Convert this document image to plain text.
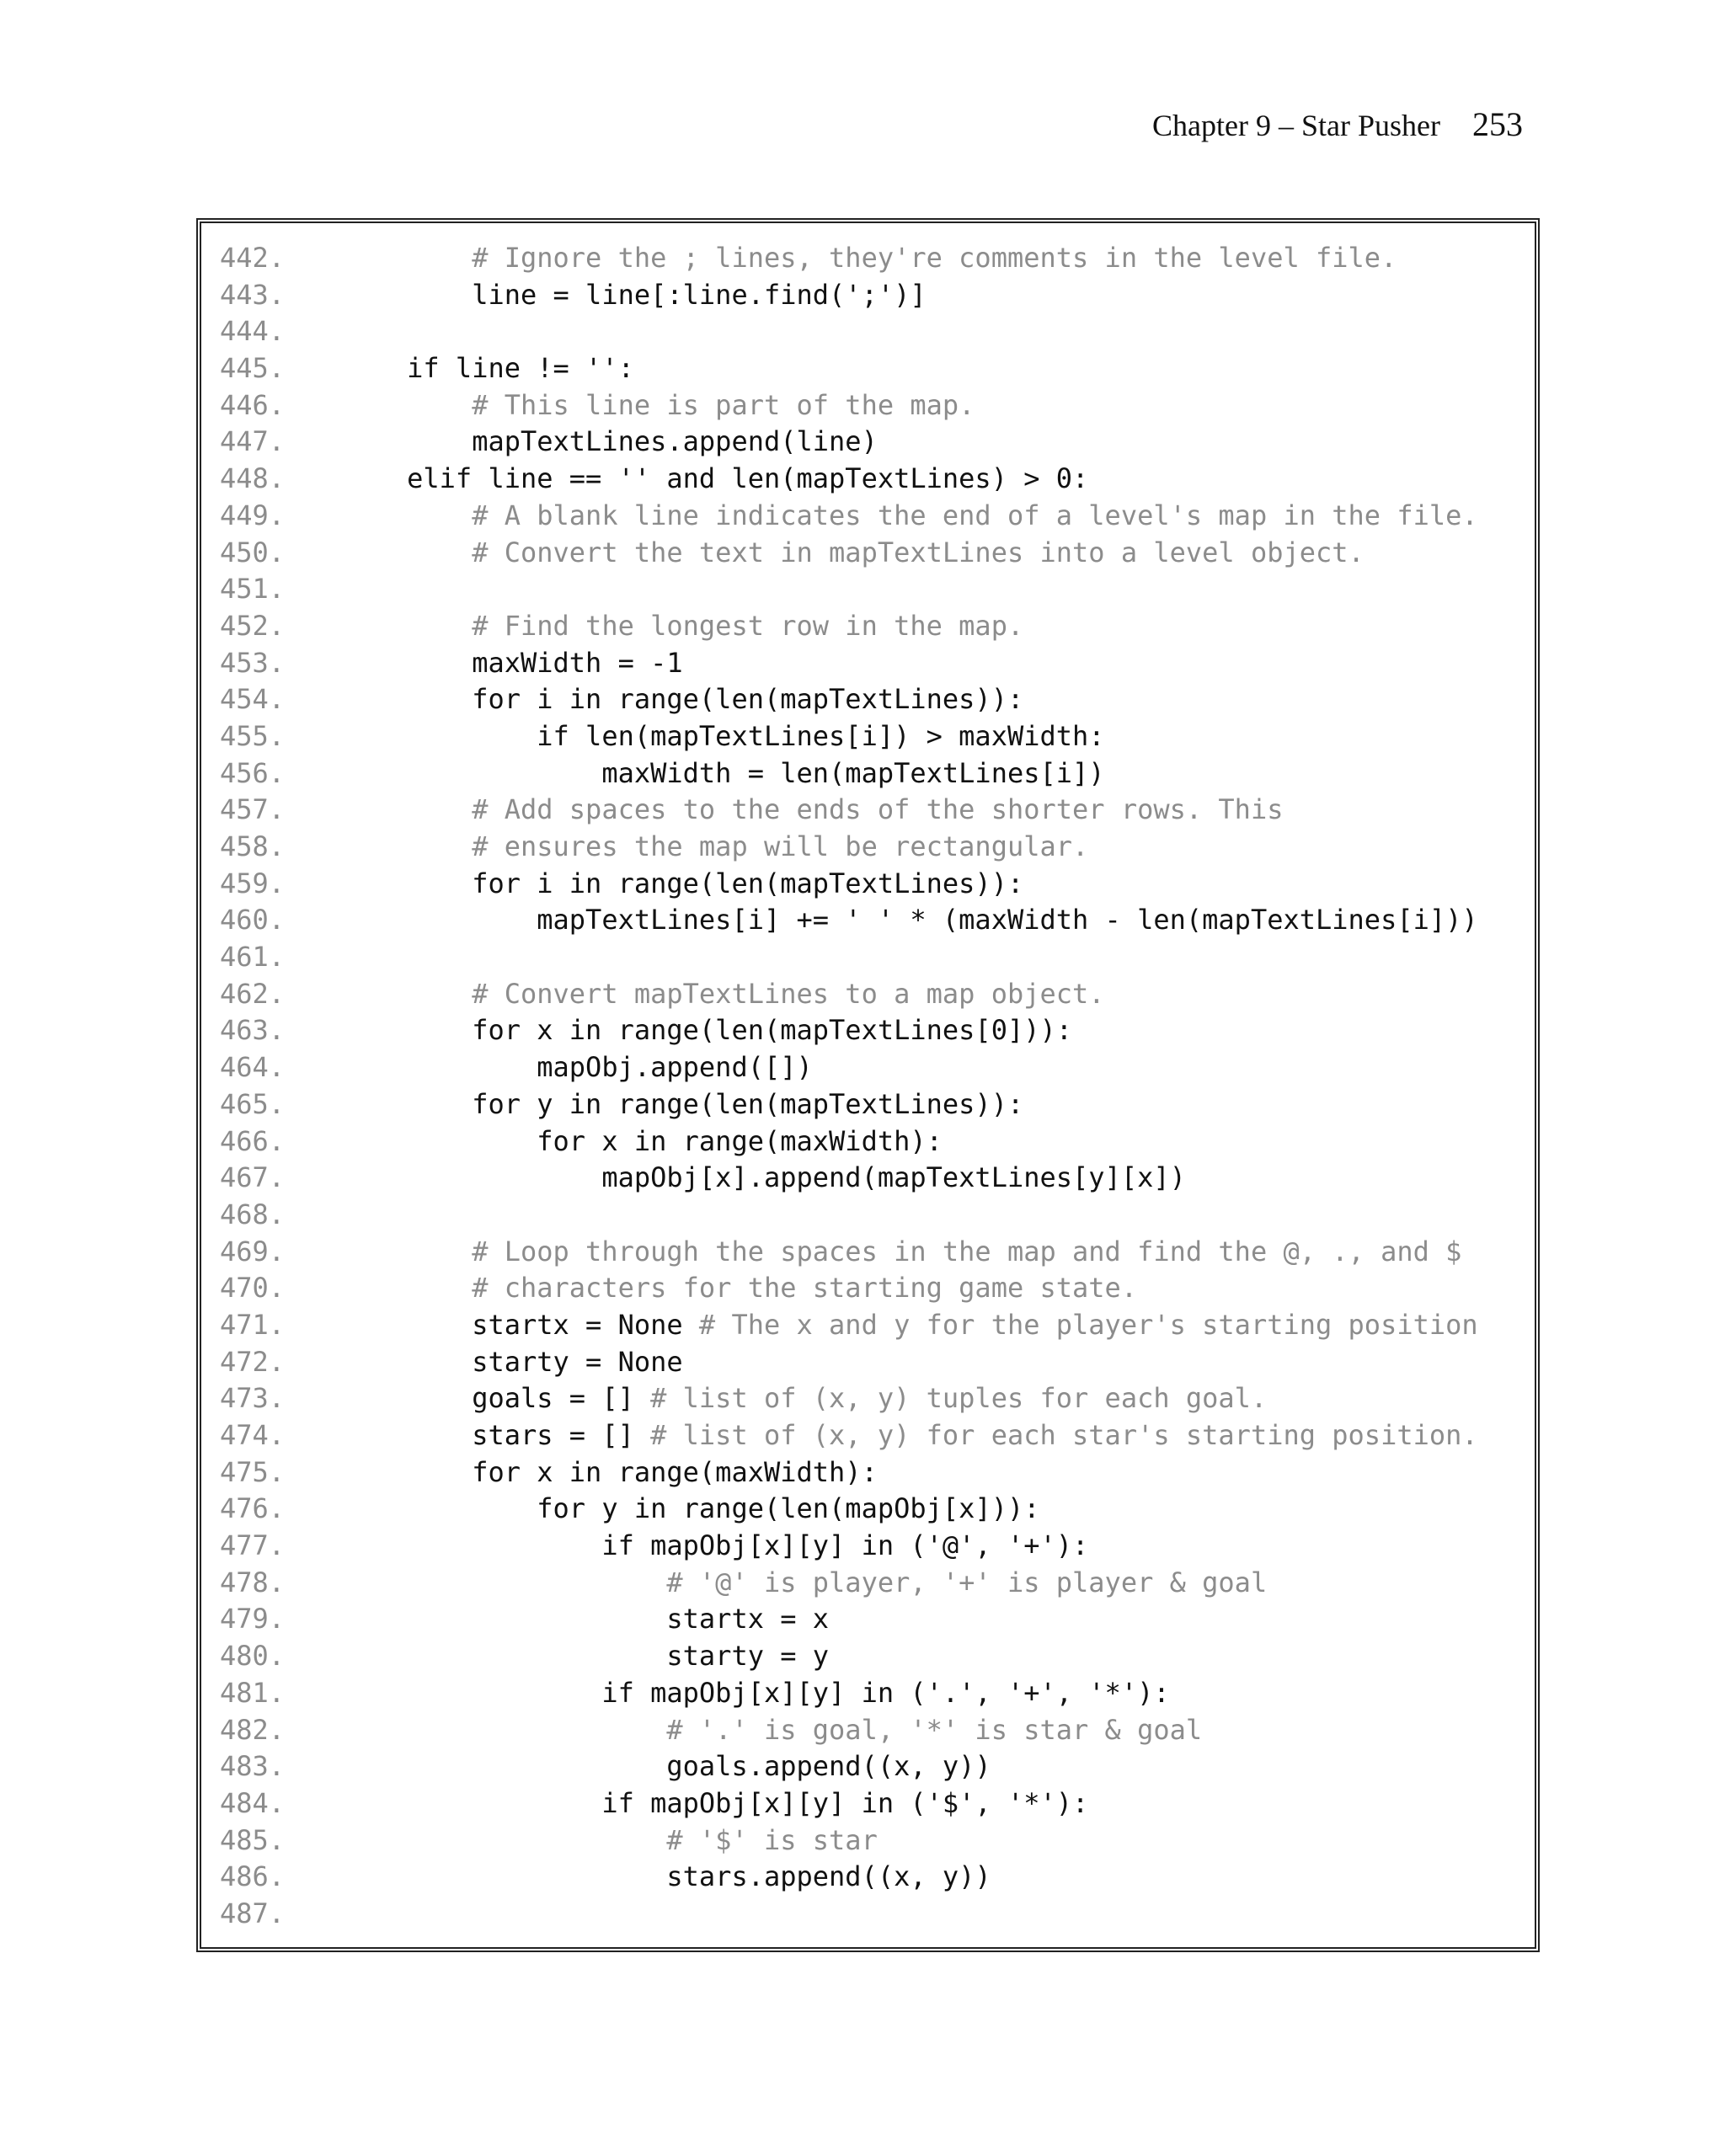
Chapter 9 – Star Pusher 253
442.	# Ignore the ; lines, they're comments in the level file.
443.
line = line[:line.find(';')]
444.
445.
if line != '':
446.	# This line is part of the map.
447.
mapTextLines.append(line)
448.
elif line == '' and len(mapTextLines) > 0:
449.	# A blank line indicates the end of a level's map in the file.
450.	# Convert the text in mapTextLines into a level object.
451.
452.	# Find the longest row in the map.
453.
maxWidth = -1
454.
for i in range(len(mapTextLines)):
455.
if len(mapTextLines[i]) > maxWidth:
456.
maxWidth = len(mapTextLines[i])
457.	# Add spaces to the ends of the shorter rows. This
458.	# ensures the map will be rectangular.
459.
for i in range(len(mapTextLines)):
460.
mapTextLines[i] += ' ' * (maxWidth - len(mapTextLines[i]))
461.
462.	# Convert mapTextLines to a map object.
463.
for x in range(len(mapTextLines[0])):
464.
mapObj.append([])
465.
for y in range(len(mapTextLines)):
466.
for x in range(maxWidth):
467.
mapObj[x].append(mapTextLines[y][x])
468.
469.	# Loop through the spaces in the map and find the @, ., and $
470.	# characters for the starting game state.
471.
startx = None # The x and y for the player's starting position
472.
starty = None
473.
goals = [] # list of (x, y) tuples for each goal.
474.
stars = [] # list of (x, y) for each star's starting position.
475.
for x in range(maxWidth):
476.
for y in range(len(mapObj[x])):
477.
if mapObj[x][y] in ('@', '+'):
478.	# '@' is player, '+' is player & goal
479.
startx = x
480.
starty = y
481.
if mapObj[x][y] in ('.', '+', '*'):
482.	# '.' is goal, '*' is star & goal
483.
goals.append((x, y))
484.
if mapObj[x][y] in ('$', '*'):
485.	# '$' is star
486.
stars.append((x, y))
487.
